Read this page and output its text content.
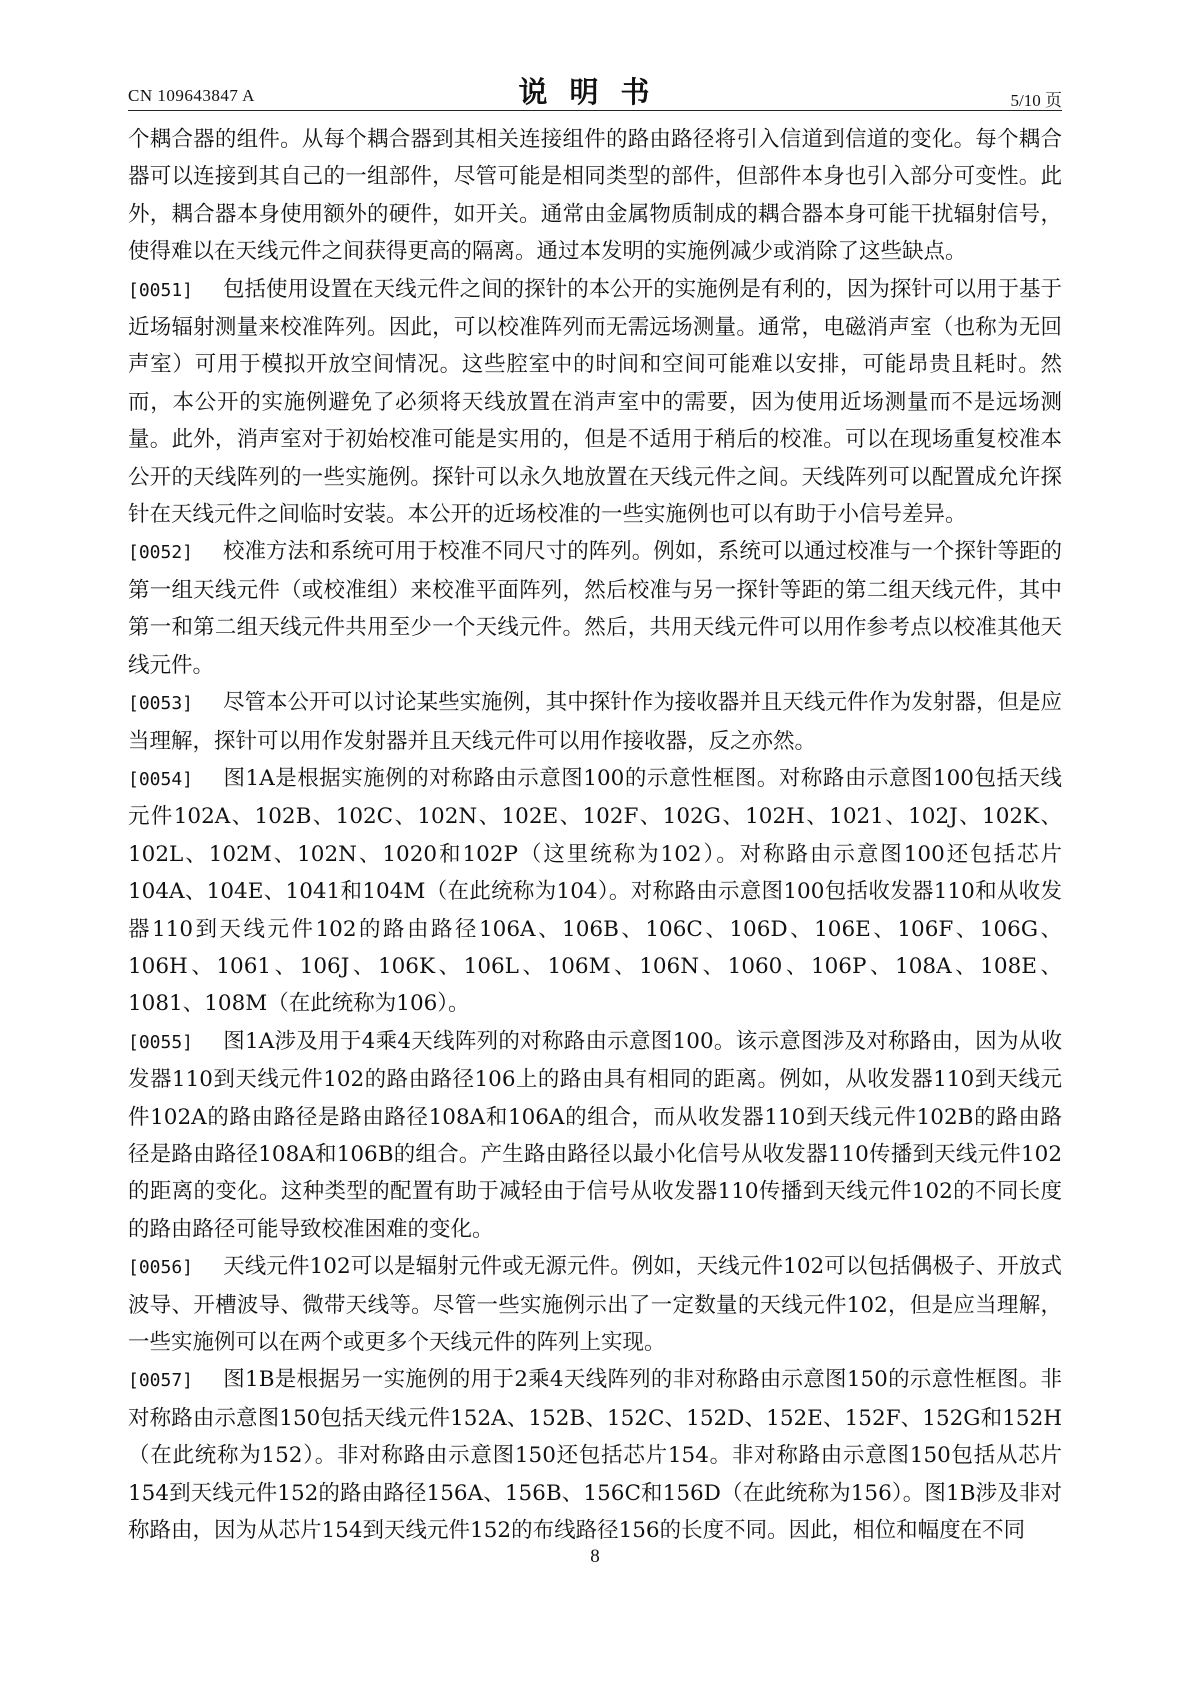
CN 109643847 A	说明书	5/10 页

个耦合器的组件。从每个耦合器到其相关连接组件的路由路径将引入信道到信道的变化。每个耦合器可以连接到其自己的一组部件，尽管可能是相同类型的部件，但部件本身也引入部分可变性。此外，耦合器本身使用额外的硬件，如开关。通常由金属物质制成的耦合器本身可能干扰辐射信号，使得难以在天线元件之间获得更高的隔离。通过本发明的实施例减少或消除了这些缺点。

[0051] 包括使用设置在天线元件之间的探针的本公开的实施例是有利的，因为探针可以用于基于近场辐射测量来校准阵列。因此，可以校准阵列而无需远场测量。通常，电磁消声室（也称为无回声室）可用于模拟开放空间情况。这些腔室中的时间和空间可能难以安排，可能昂贵且耗时。然而，本公开的实施例避免了必须将天线放置在消声室中的需要，因为使用近场测量而不是远场测量。此外，消声室对于初始校准可能是实用的，但是不适用于稍后的校准。可以在现场重复校准本公开的天线阵列的一些实施例。探针可以永久地放置在天线元件之间。天线阵列可以配置成允许探针在天线元件之间临时安装。本公开的近场校准的一些实施例也可以有助于小信号差异。

[0052] 校准方法和系统可用于校准不同尺寸的阵列。例如，系统可以通过校准与一个探针等距的第一组天线元件（或校准组）来校准平面阵列，然后校准与另一探针等距的第二组天线元件，其中第一和第二组天线元件共用至少一个天线元件。然后，共用天线元件可以用作参考点以校准其他天线元件。

[0053] 尽管本公开可以讨论某些实施例，其中探针作为接收器并且天线元件作为发射器，但是应当理解，探针可以用作发射器并且天线元件可以用作接收器，反之亦然。

[0054] 图1A是根据实施例的对称路由示意图100的示意性框图。对称路由示意图100包括天线元件102A、102B、102C、102N、102E、102F、102G、102H、1021、102J、102K、102L、102M、102N、1020和102P（这里统称为102）。对称路由示意图100还包括芯片104A、104E、1041和104M（在此统称为104）。对称路由示意图100包括收发器110和从收发器110到天线元件102的路由路径106A、106B、106C、106D、106E、106F、106G、106H、1061、106J、106K、106L、106M、106N、1060、106P、108A、108E、1081、108M（在此统称为106）。

[0055] 图1A涉及用于4乘4天线阵列的对称路由示意图100。该示意图涉及对称路由，因为从收发器110到天线元件102的路由路径106上的路由具有相同的距离。例如，从收发器110到天线元件102A的路由路径是路由路径108A和106A的组合，而从收发器110到天线元件102B的路由路径是路由路径108A和106B的组合。产生路由路径以最小化信号从收发器110传播到天线元件102的距离的变化。这种类型的配置有助于减轻由于信号从收发器110传播到天线元件102的不同长度的路由路径可能导致校准困难的变化。

[0056] 天线元件102可以是辐射元件或无源元件。例如，天线元件102可以包括偶极子、开放式波导、开槽波导、微带天线等。尽管一些实施例示出了一定数量的天线元件102，但是应当理解，一些实施例可以在两个或更多个天线元件的阵列上实现。

[0057] 图1B是根据另一实施例的用于2乘4天线阵列的非对称路由示意图150的示意性框图。非对称路由示意图150包括天线元件152A、152B、152C、152D、152E、152F、152G和152H（在此统称为152）。非对称路由示意图150还包括芯片154。非对称路由示意图150包括从芯片154到天线元件152的路由路径156A、156B、156C和156D（在此统称为156）。图1B涉及非对称路由，因为从芯片154到天线元件152的布线路径156的长度不同。因此，相位和幅度在不同

8
